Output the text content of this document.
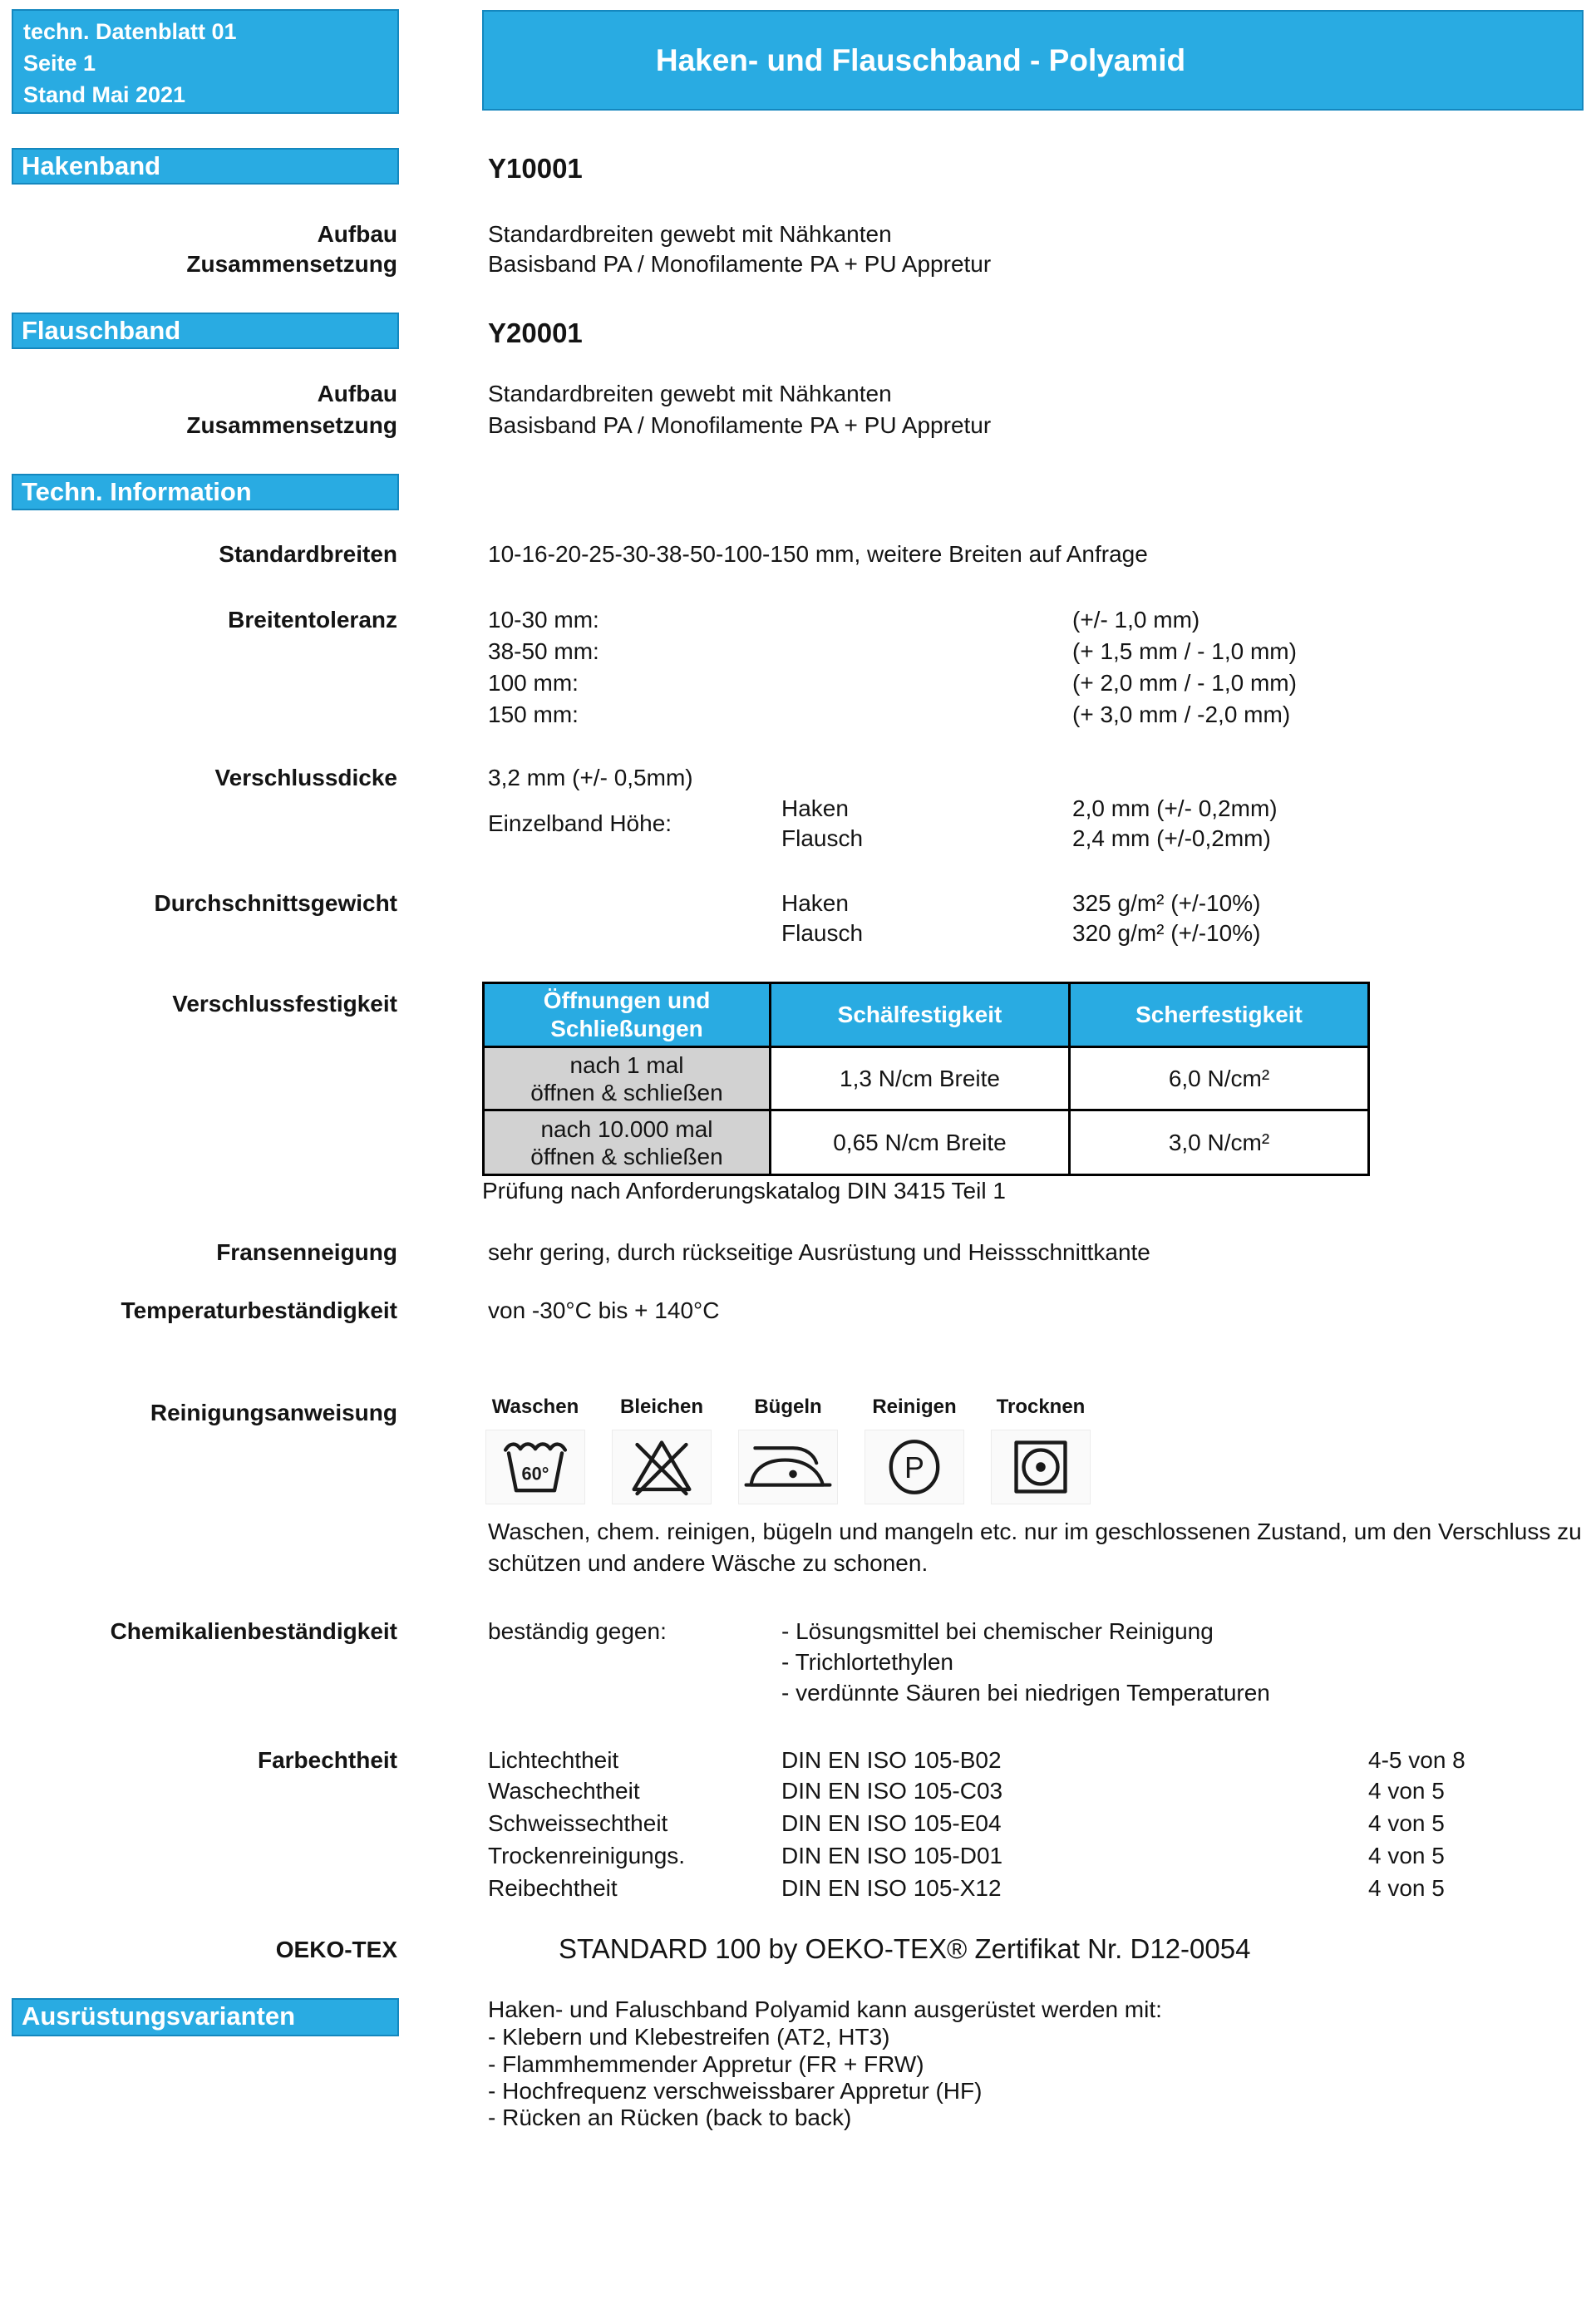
techn. Datenblatt 01
Seite 1
Stand Mai 2021
Haken- und Flauschband - Polyamid
Hakenband	Y10001
Aufbau	Standardbreiten gewebt mit Nähkanten
Zusammensetzung	Basisband PA / Monofilamente PA + PU Appretur
Flauschband	Y20001
Aufbau	Standardbreiten gewebt mit Nähkanten
Zusammensetzung	Basisband PA / Monofilamente PA + PU Appretur
Techn. Information
Standardbreiten	10-16-20-25-30-38-50-100-150 mm, weitere Breiten auf Anfrage
Breitentoleranz	10-30 mm:	(+/- 1,0 mm)
38-50 mm:	(+ 1,5 mm / - 1,0 mm)
100 mm:	(+ 2,0 mm / - 1,0 mm)
150 mm:	(+ 3,0 mm / -2,0 mm)
Verschlussdicke	3,2 mm (+/- 0,5mm)
Einzelband Höhe:
Haken	2,0 mm (+/- 0,2mm)
Flausch	2,4 mm (+/-0,2mm)
Durchschnittsgewicht	Haken	325 g/m² (+/-10%)
Flausch	320 g/m² (+/-10%)
Verschlussfestigkeit	Öffnungen und Schließungen	Schälfestigkeit	Scherfestigkeit

nach 1 mal
öffnen & schließen	1,3 N/cm Breite	6,0 N/cm²

nach 10.000 mal
öffnen & schließen	0,65 N/cm Breite	3,0 N/cm²
Prüfung nach Anforderungskatalog DIN 3415 Teil 1
Fransenneigung	sehr gering, durch rückseitige Ausrüstung und Heissschnittkante
Temperaturbeständigkeit	von -30°C bis + 140°C
Reinigungsanweisung	Waschen
60°
Bleichen	Bügeln	Reinigen
P
Trocknen
Waschen, chem. reinigen, bügeln und mangeln etc. nur im geschlossenen Zustand, um den Verschluss zu
schützen und andere Wäsche zu schonen.
Chemikalienbeständigkeit	beständig gegen:	- Lösungsmittel bei chemischer Reinigung
- Trichlortethylen
- verdünnte Säuren bei niedrigen Temperaturen
Farbechtheit	Lichtechtheit	DIN EN ISO 105-B02	4-5 von 8
Waschechtheit	DIN EN ISO 105-C03	4 von 5
Schweissechtheit	DIN EN ISO 105-E04	4 von 5
Trockenreinigungs.	DIN EN ISO 105-D01	4 von 5
Reibechtheit	DIN EN ISO 105-X12	4 von 5
OEKO-TEX	STANDARD 100 by OEKO-TEX® Zertifikat Nr. D12-0054
Ausrüstungsvarianten	Haken- und Faluschband Polyamid kann ausgerüstet werden mit:
- Klebern und Klebestreifen (AT2, HT3)
- Flammhemmender Appretur (FR + FRW)
- Hochfrequenz verschweissbarer Appretur (HF)
- Rücken an Rücken (back to back)
